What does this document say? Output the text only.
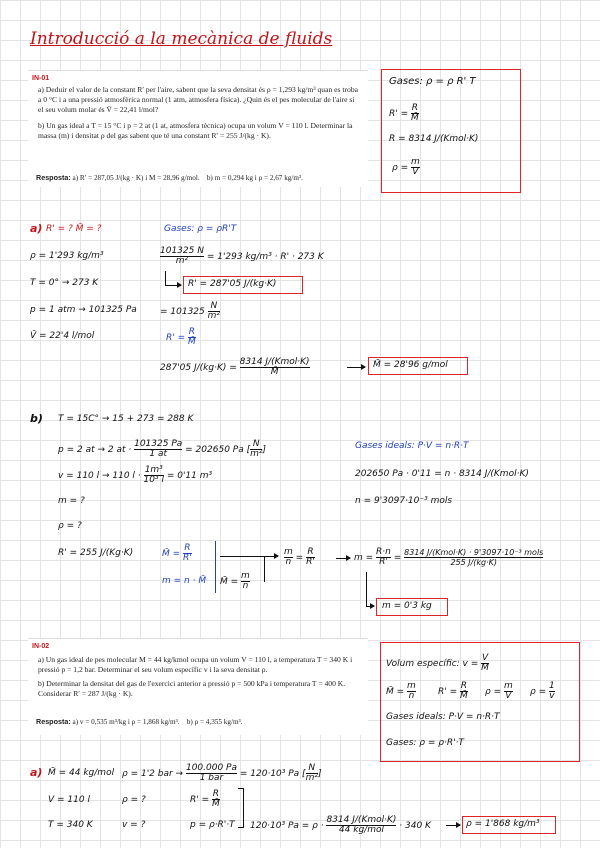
Introducció a la mecànica de fluids
IN-01
a) Deduir el valor de la constant R′ per l'aire, sabent que la seva densitat és ρ = 1,293 kg/m³ quan es troba a 0 °C i a una pressió atmosfèrica normal (1 atm, atmosfera física). ¿Quin és el pes molecular de l'aire si el seu volum molar és V̄ = 22,41 l/mol?
b) Un gas ideal a T = 15 °C i p = 2 at (1 at, atmosfera tècnica) ocupa un volum V = 110 l. Determinar la massa (m) i densitat ρ del gas sabent que té una constant R′ = 255 J/(kg · K).
Resposta: a) R′ = 287,05 J/(kg · K) i M = 28,96 g/mol. b) m = 0,294 kg i ρ = 2,67 kg/m³.
Gases: ρ = ρ R' T
$R' = \frac{R}{M̄}$
R = 8314 J/(Kmol·K)
$\rho = \frac{m}{V}$
a) R' = ? M̄ = ?	Gases: ρ = ρR'T
ρ = 1'293 kg/m³	$\frac{101325 N}{\text{m²}} = 1'293$ kg/m³ · R' · 273 K
T = 0° → 273 K	R' = 287'05 J/(kg·K)
p = 1 atm → 101325 Pa	= $101325 \frac{N}{\text{m²}}$
V̄ = 22'4 l/mol	$R' = \frac{R}{M̄}$
287'05 $J/(kg\cdot K) = \frac{\text{8314 J/(Kmol·K)}}{M̄}$	M̄ = 28'96 g/mol
b) T = 15C° → 15 + 273 = 288 K
p = 2 at → 2 at · $\frac{101325 Pa}{1 at} = 202650$ Pa [ $\frac{N}{\text{m²}}$ ]	Gases ideals: P·V = n·R·T
v = 110 l → 110 $l \cdot \frac{\text{1m³}}{\text{10³ l}} = 0'11$ m³	202650 Pa · 0'11 = n · 8314 J/(Kmol·K)
m = ?	n = 9'3097·10⁻³ mols
ρ = ?
R' = 255 J/(Kg·K)	M̄ = $\frac{R}{R'}$
m = n · M̄ M̄ = $\frac{m}{n}$
$\frac{m}{n} = \frac{R}{R'}$	$m = \frac{R\cdot n}{R'} = \frac{\text{8314 J/(Kmol·K) · 9'3097·10⁻³ mols}}{255 J/(kg\cdot K)}$
m = 0'3 kg
IN-02
a) Un gas ideal de pes molecular M = 44 kg/kmol ocupa un volum V = 110 l, a temperatura T = 340 K i pressió p = 1,2 bar. Determinar el seu volum específic v i la seva densitat ρ.
b) Determinar la densitat del gas de l'exercici anterior a pressió p = 500 kPa i temperatura T = 400 K. Considerar R′ = 287 J/(kg · K).
Resposta: a) v = 0,535 m³/kg i ρ = 1,868 kg/m³. b) ρ = 4,355 kg/m³.
Volum específic: $v = \frac{V}{M}$
M̄ = $\frac{m}{n} R' = \frac{R}{M̄}$ $\rho = \frac{m}{V}$ $\rho = \frac{1}{v}$
Gases ideals: P·V = n·R·T
Gases: ρ = ρ·R'·T
a) M̄ = 44 kg/mol ρ = 1'2 bar → $\frac{100.000 Pa}{\text{1 bar}} = 120\cdot 10^3$ Pa [ $\frac{N}{\text{m²}}$ ]
V = 110 l	ρ = ?	$R' = \frac{R}{M̄}$
T = 340 K	v = ?	p = ρ·R'·T 120·10³ $Pa = \rho \cdot \frac{\text{8314 J/(Kmol·K)}}{\text{44 kg/mol}} \cdot 340$ K	ρ = 1'868 kg/m³
